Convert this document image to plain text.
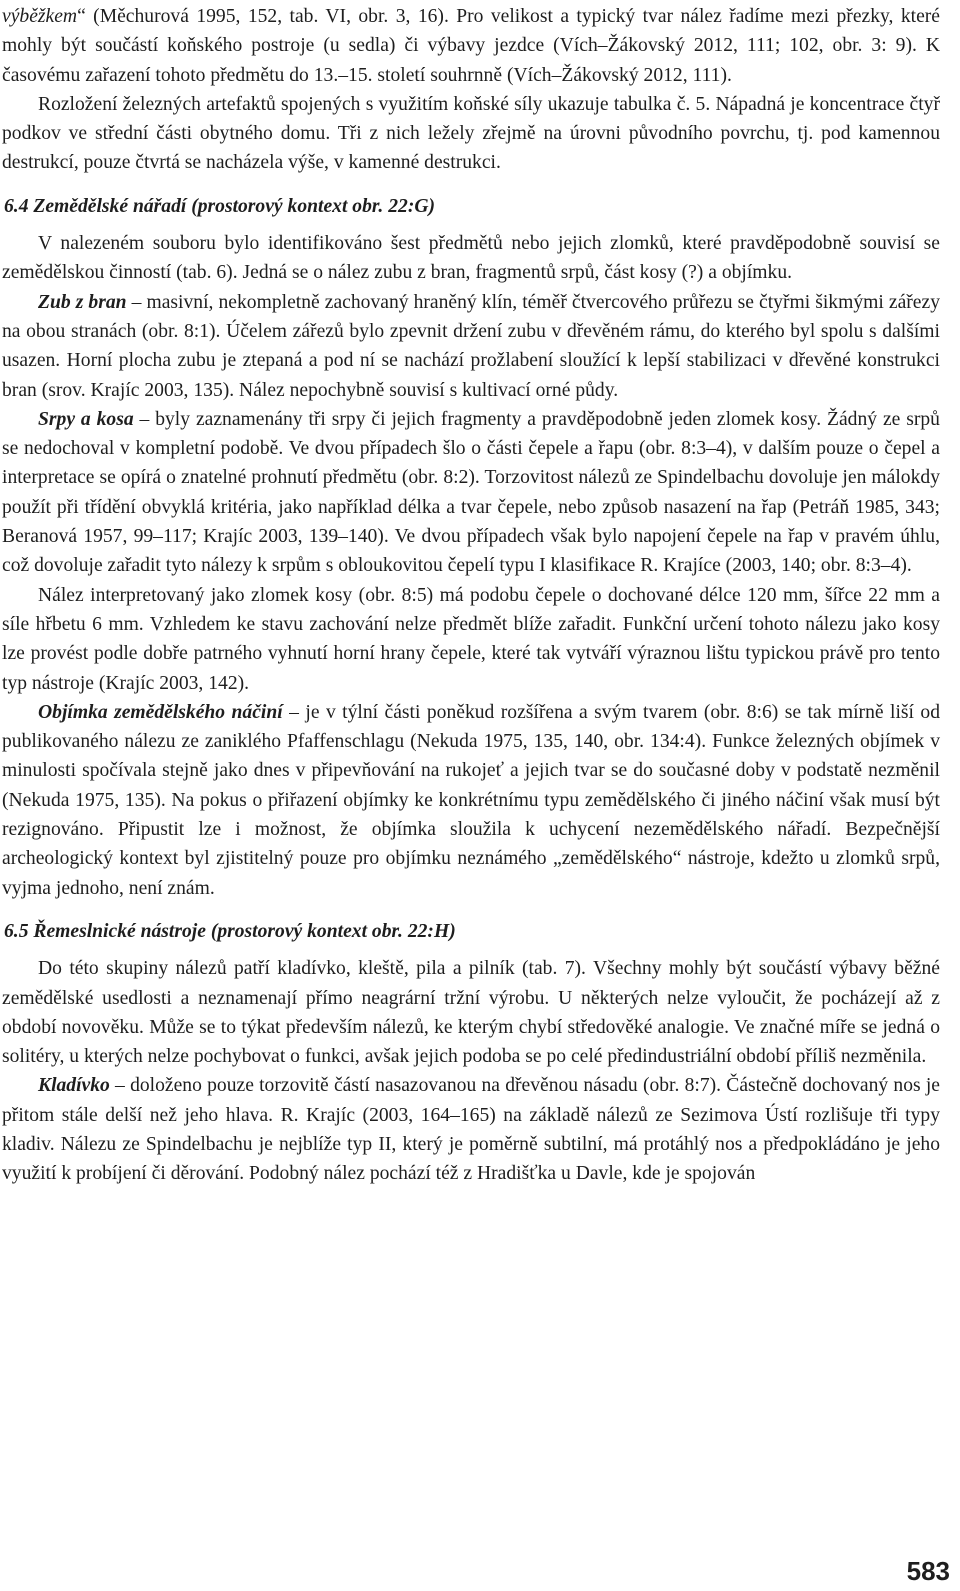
výběžkem“ (Měchurová 1995, 152, tab. VI, obr. 3, 16). Pro velikost a typický tvar nález řadíme mezi přezky, které mohly být součástí koňského postroje (u sedla) či výbavy jezdce (Vích–Žákovský 2012, 111; 102, obr. 3: 9). K časovému zařazení tohoto předmětu do 13.–15. století souhrnně (Vích–Žákovský 2012, 111).

Rozložení železných artefaktů spojených s využitím koňské síly ukazuje tabulka č. 5. Nápadná je koncentrace čtyř podkov ve střední části obytného domu. Tři z nich ležely zřejmě na úrovni původního povrchu, tj. pod kamennou destrukcí, pouze čtvrtá se nacházela výše, v kamenné destrukci.

6.4 Zemědělské nářadí (prostorový kontext obr. 22:G)

V nalezeném souboru bylo identifikováno šest předmětů nebo jejich zlomků, které pravděpodobně souvisí se zemědělskou činností (tab. 6). Jedná se o nález zubu z bran, fragmentů srpů, část kosy (?) a objímku.

Zub z bran – masivní, nekompletně zachovaný hraněný klín, téměř čtvercového průřezu se čtyřmi šikmými zářezy na obou stranách (obr. 8:1). Účelem zářezů bylo zpevnit držení zubu v dřevěném rámu, do kterého byl spolu s dalšími usazen. Horní plocha zubu je ztepaná a pod ní se nachází prožlabení sloužící k lepší stabilizaci v dřevěné konstrukci bran (srov. Krajíc 2003, 135). Nález nepochybně souvisí s kultivací orné půdy.

Srpy a kosa – byly zaznamenány tři srpy či jejich fragmenty a pravděpodobně jeden zlomek kosy. Žádný ze srpů se nedochoval v kompletní podobě. Ve dvou případech šlo o části čepele a řapu (obr. 8:3–4), v dalším pouze o čepel a interpretace se opírá o znatelné prohnutí předmětu (obr. 8:2). Torzovitost nálezů ze Spindelbachu dovoluje jen málokdy použít při třídění obvyklá kritéria, jako například délka a tvar čepele, nebo způsob nasazení na řap (Petráň 1985, 343; Beranová 1957, 99–117; Krajíc 2003, 139–140). Ve dvou případech však bylo napojení čepele na řap v pravém úhlu, což dovoluje zařadit tyto nálezy k srpům s obloukovitou čepelí typu I klasifikace R. Krajíce (2003, 140; obr. 8:3–4).

Nález interpretovaný jako zlomek kosy (obr. 8:5) má podobu čepele o dochované délce 120 mm, šířce 22 mm a síle hřbetu 6 mm. Vzhledem ke stavu zachování nelze předmět blíže zařadit. Funkční určení tohoto nálezu jako kosy lze provést podle dobře patrného vyhnutí horní hrany čepele, které tak vytváří výraznou lištu typickou právě pro tento typ nástroje (Krajíc 2003, 142).

Objímka zemědělského náčiní – je v týlní části poněkud rozšířena a svým tvarem (obr. 8:6) se tak mírně liší od publikovaného nálezu ze zaniklého Pfaffenschlagu (Nekuda 1975, 135, 140, obr. 134:4). Funkce železných objímek v minulosti spočívala stejně jako dnes v připevňování na rukojeť a jejich tvar se do současné doby v podstatě nezměnil (Nekuda 1975, 135). Na pokus o přiřazení objímky ke konkrétnímu typu zemědělského či jiného náčiní však musí být rezignováno. Připustit lze i možnost, že objímka sloužila k uchycení nezemědělského nářadí. Bezpečnější archeologický kontext byl zjistitelný pouze pro objímku neznámého „zemědělského“ nástroje, kdežto u zlomků srpů, vyjma jednoho, není znám.

6.5 Řemeslnické nástroje (prostorový kontext obr. 22:H)

Do této skupiny nálezů patří kladívko, kleště, pila a pilník (tab. 7). Všechny mohly být součástí výbavy běžné zemědělské usedlosti a neznamenají přímo neagrární tržní výrobu. U některých nelze vyloučit, že pocházejí až z období novověku. Může se to týkat především nálezů, ke kterým chybí středověké analogie. Ve značné míře se jedná o solitéry, u kterých nelze pochybovat o funkci, avšak jejich podoba se po celé předindustriální období příliš nezměnila.

Kladívko – doloženo pouze torzovitě částí nasazovanou na dřevěnou násadu (obr. 8:7). Částečně dochovaný nos je přitom stále delší než jeho hlava. R. Krajíc (2003, 164–165) na základě nálezů ze Sezimova Ústí rozlišuje tři typy kladiv. Nálezu ze Spindelbachu je nejblíže typ II, který je poměrně subtilní, má protáhlý nos a předpokládáno je jeho využití k probíjení či děrování. Podobný nález pochází též z Hradišťka u Davle, kde je spojován

583
